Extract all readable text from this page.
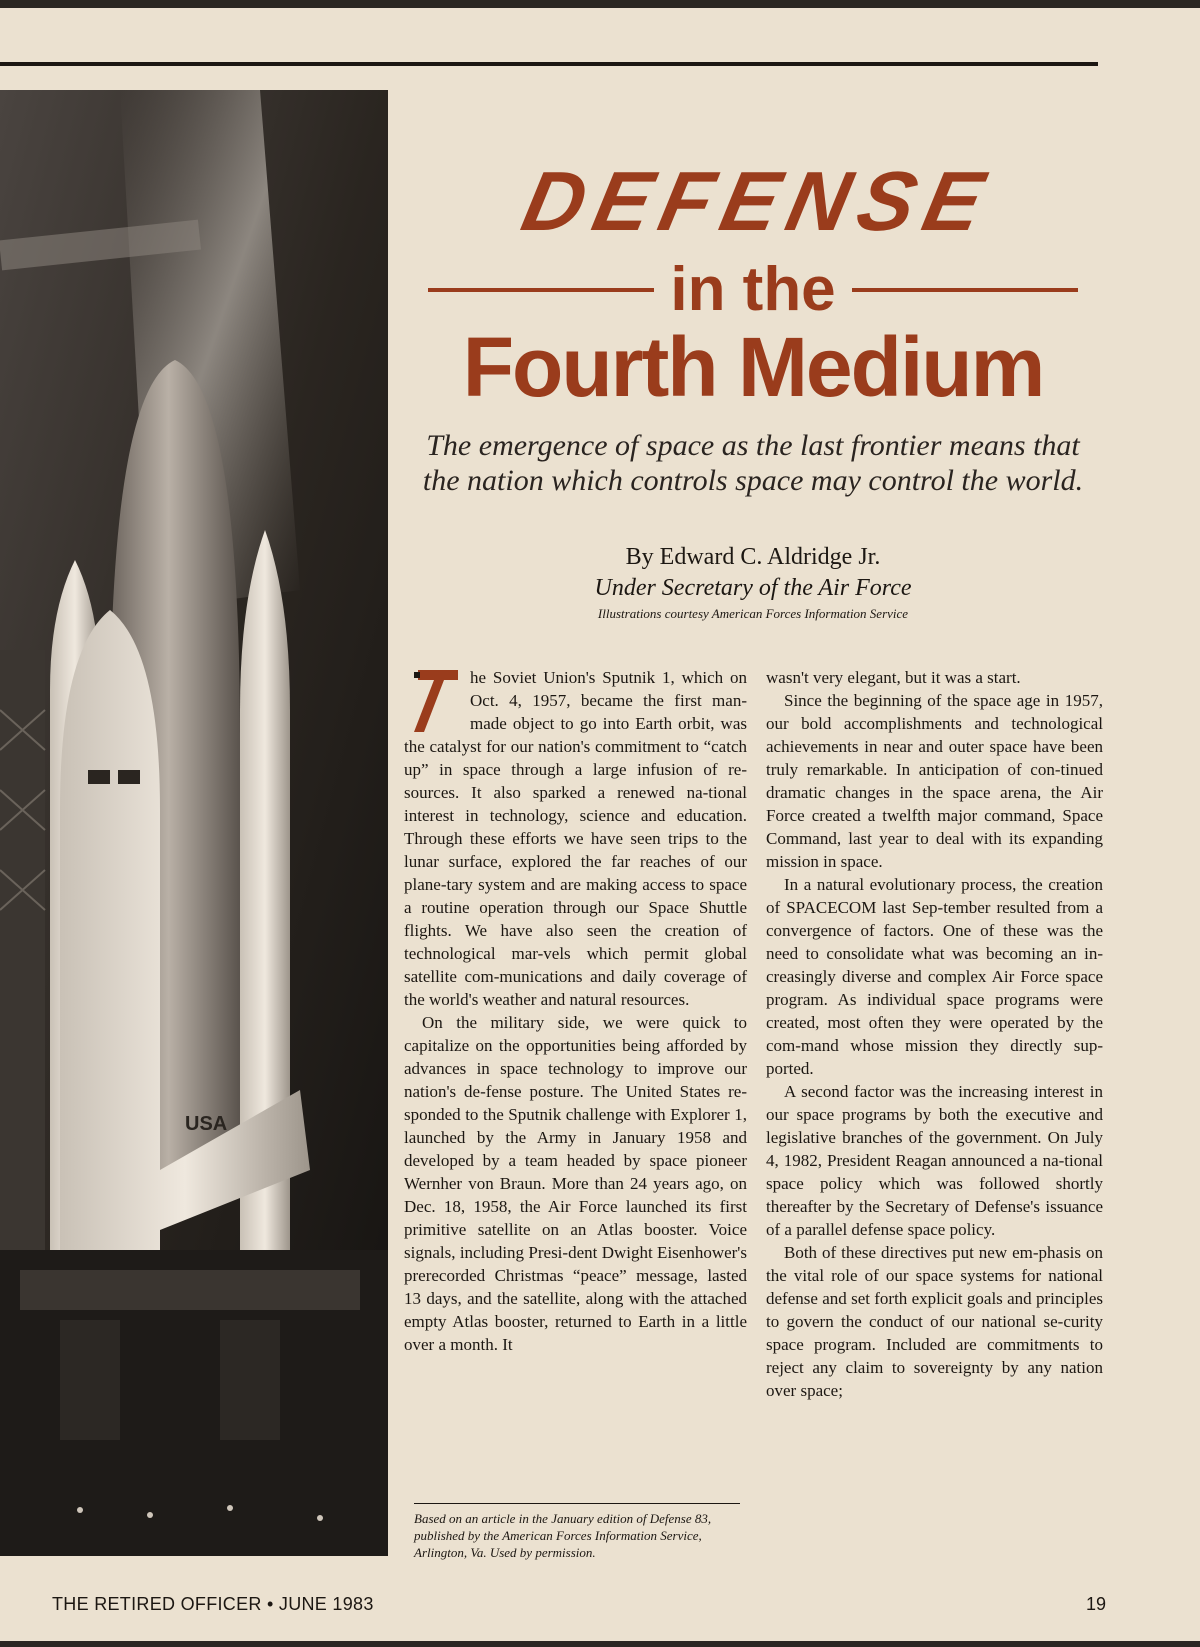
USA
DEFENSE
in the
Fourth Medium
The emergence of space as the last frontier means that the nation which controls space may control the world.
By Edward C. Aldridge Jr.
Under Secretary of the Air Force
Illustrations courtesy American Forces Information Service

he Soviet Union's Sputnik 1, which on Oct. 4, 1957, became the first man-made object to go into Earth orbit, was the catalyst for our nation's commitment to “catch up” in space through a large infusion of re-sources. It also sparked a renewed na-tional interest in technology, science and education. Through these efforts we have seen trips to the lunar surface, explored the far reaches of our plane-tary system and are making access to space a routine operation through our Space Shuttle flights. We have also seen the creation of technological mar-vels which permit global satellite com-munications and daily coverage of the world's weather and natural resources.

On the military side, we were quick to capitalize on the opportunities being afforded by advances in space technology to improve our nation's de-fense posture. The United States re-sponded to the Sputnik challenge with Explorer 1, launched by the Army in January 1958 and developed by a team headed by space pioneer Wernher von Braun. More than 24 years ago, on Dec. 18, 1958, the Air Force launched its first primitive satellite on an Atlas booster. Voice signals, including Presi-dent Dwight Eisenhower's prerecorded Christmas “peace” message, lasted 13 days, and the satellite, along with the attached empty Atlas booster, returned to Earth in a little over a month. It

wasn't very elegant, but it was a start.

Since the beginning of the space age in 1957, our bold accomplishments and technological achievements in near and outer space have been truly remarkable. In anticipation of con-tinued dramatic changes in the space arena, the Air Force created a twelfth major command, Space Command, last year to deal with its expanding mission in space.

In a natural evolutionary process, the creation of SPACECOM last Sep-tember resulted from a convergence of factors. One of these was the need to consolidate what was becoming an in-creasingly diverse and complex Air Force space program. As individual space programs were created, most often they were operated by the com-mand whose mission they directly sup-ported.

A second factor was the increasing interest in our space programs by both the executive and legislative branches of the government. On July 4, 1982, President Reagan announced a na-tional space policy which was followed shortly thereafter by the Secretary of Defense's issuance of a parallel defense space policy.

Both of these directives put new em-phasis on the vital role of our space systems for national defense and set forth explicit goals and principles to govern the conduct of our national se-curity space program. Included are commitments to reject any claim to sovereignty by any nation over space;

Based on an article in the January edition of Defense 83, published by the American Forces Information Service, Arlington, Va. Used by permission.
THE RETIRED OFFICER • JUNE 1983	19
